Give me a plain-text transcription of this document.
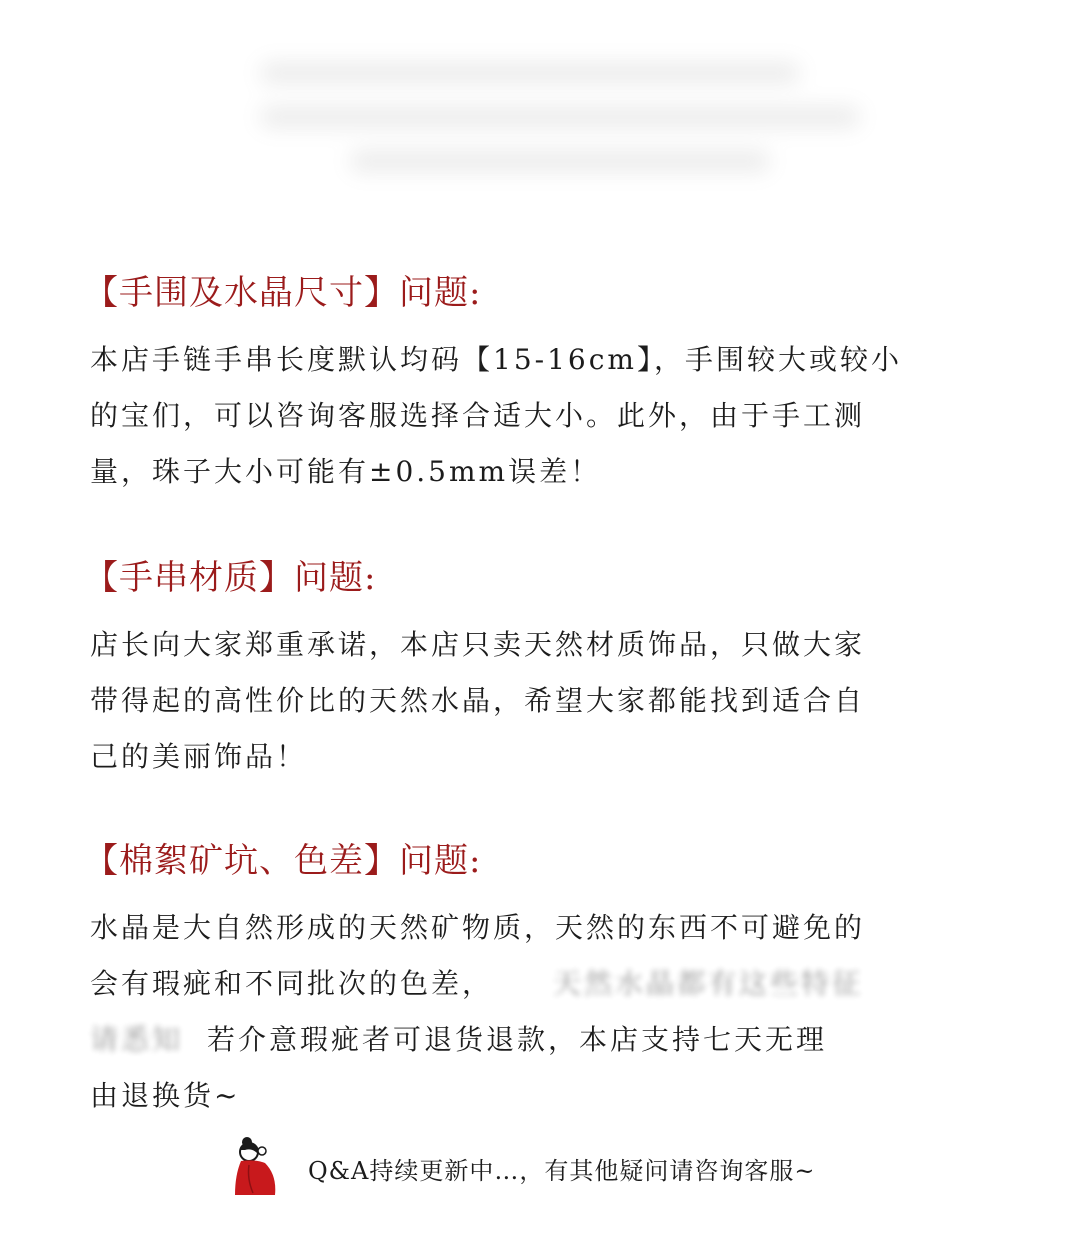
【手围及水晶尺寸】问题:
本店手链手串长度默认均码【15-16cm】，手围较大或较小
的宝们，可以咨询客服选择合适大小。此外，由于手工测
量，珠子大小可能有±0.5mm误差！
【手串材质】问题:
店长向大家郑重承诺，本店只卖天然材质饰品，只做大家
带得起的高性价比的天然水晶，希望大家都能找到适合自
己的美丽饰品！
【棉絮矿坑、色差】问题:
水晶是大自然形成的天然矿物质，天然的东西不可避免的
会有瑕疵和不同批次的色差， 天然水晶都有这些特征
请悉知 若介意瑕疵者可退货退款，本店支持七天无理
由退换货~
Q&A持续更新中…，有其他疑问请咨询客服~
